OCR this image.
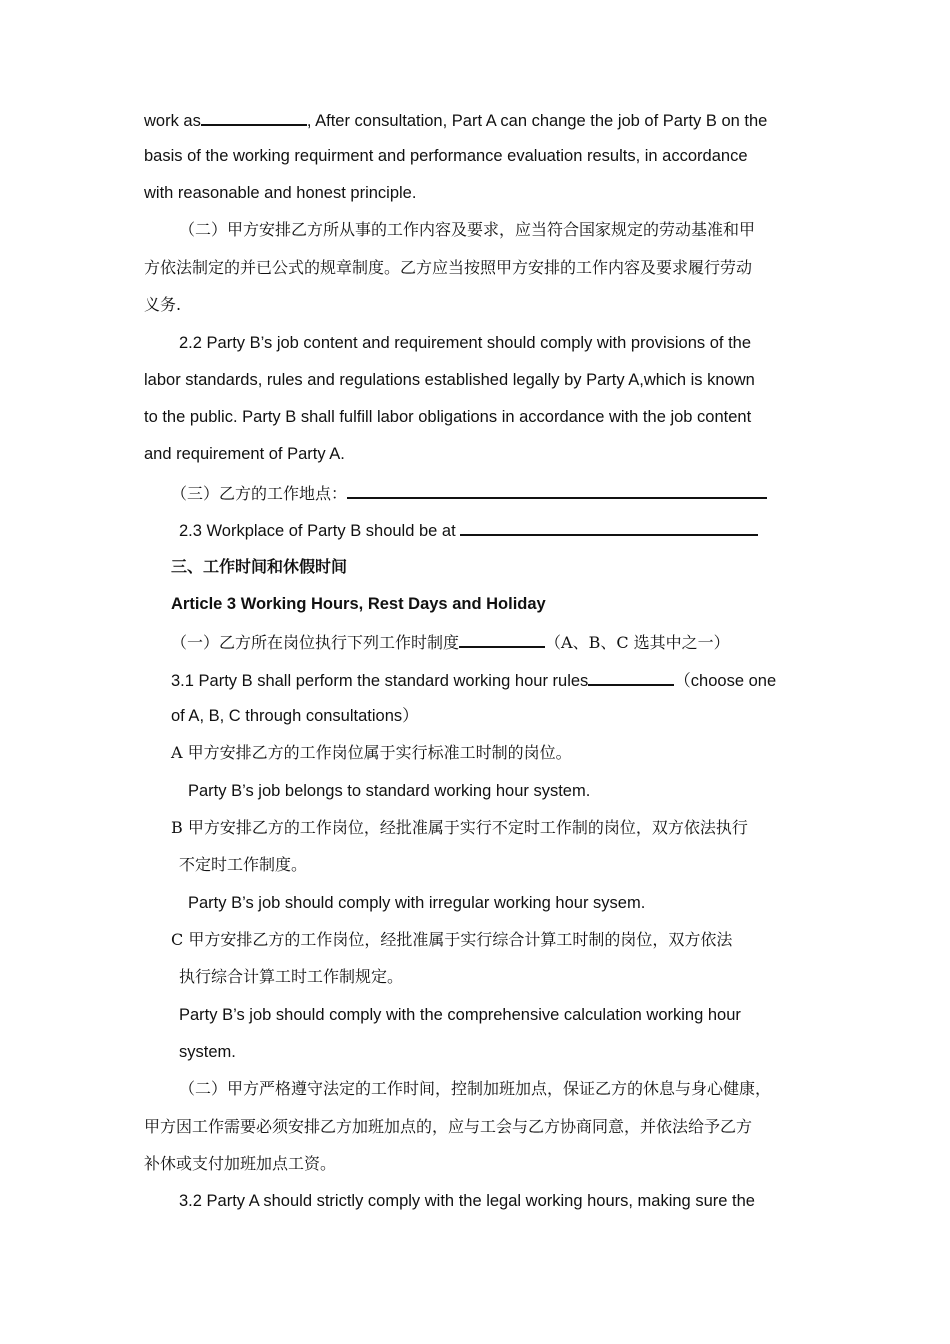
work as	, After consultation, Part A can change the job of Party B on the
basis of the working requirment and performance evaluation results, in accordance
with reasonable and honest principle.
（二）甲方安排乙方所从事的工作内容及要求，应当符合国家规定的劳动基准和甲
方依法制定的并已公式的规章制度。乙方应当按照甲方安排的工作内容及要求履行劳动
义务.
2.2 Party B’s job content and requirement should comply with provisions of the
labor standards, rules and regulations established legally by Party A,which is known
to the public. Party B shall fulfill labor obligations in accordance with the job content
and requirement of Party A.
（三）乙方的工作地点：
2.3 Workplace of Party B should be at
三、工作时间和休假时间
Article 3 Working Hours, Rest Days and Holiday
（一）乙方所在岗位执行下列工作时制度	（A、B、C 选其中之一）
3.1 Party B shall perform the standard working hour rules	（choose one
of A, B, C through consultations）
A 甲方安排乙方的工作岗位属于实行标准工时制的岗位。
Party B’s job belongs to standard working hour system.
B 甲方安排乙方的工作岗位，经批准属于实行不定时工作制的岗位，双方依法执行
不定时工作制度。
Party B’s job should comply with irregular working hour sysem.
C 甲方安排乙方的工作岗位，经批准属于实行综合计算工时制的岗位，双方依法
执行综合计算工时工作制规定。
Party B’s job should comply with the comprehensive calculation working hour
system.
（二）甲方严格遵守法定的工作时间，控制加班加点，保证乙方的休息与身心健康，
甲方因工作需要必须安排乙方加班加点的，应与工会与乙方协商同意，并依法给予乙方
补休或支付加班加点工资。
3.2 Party A should strictly comply with the legal working hours, making sure the
